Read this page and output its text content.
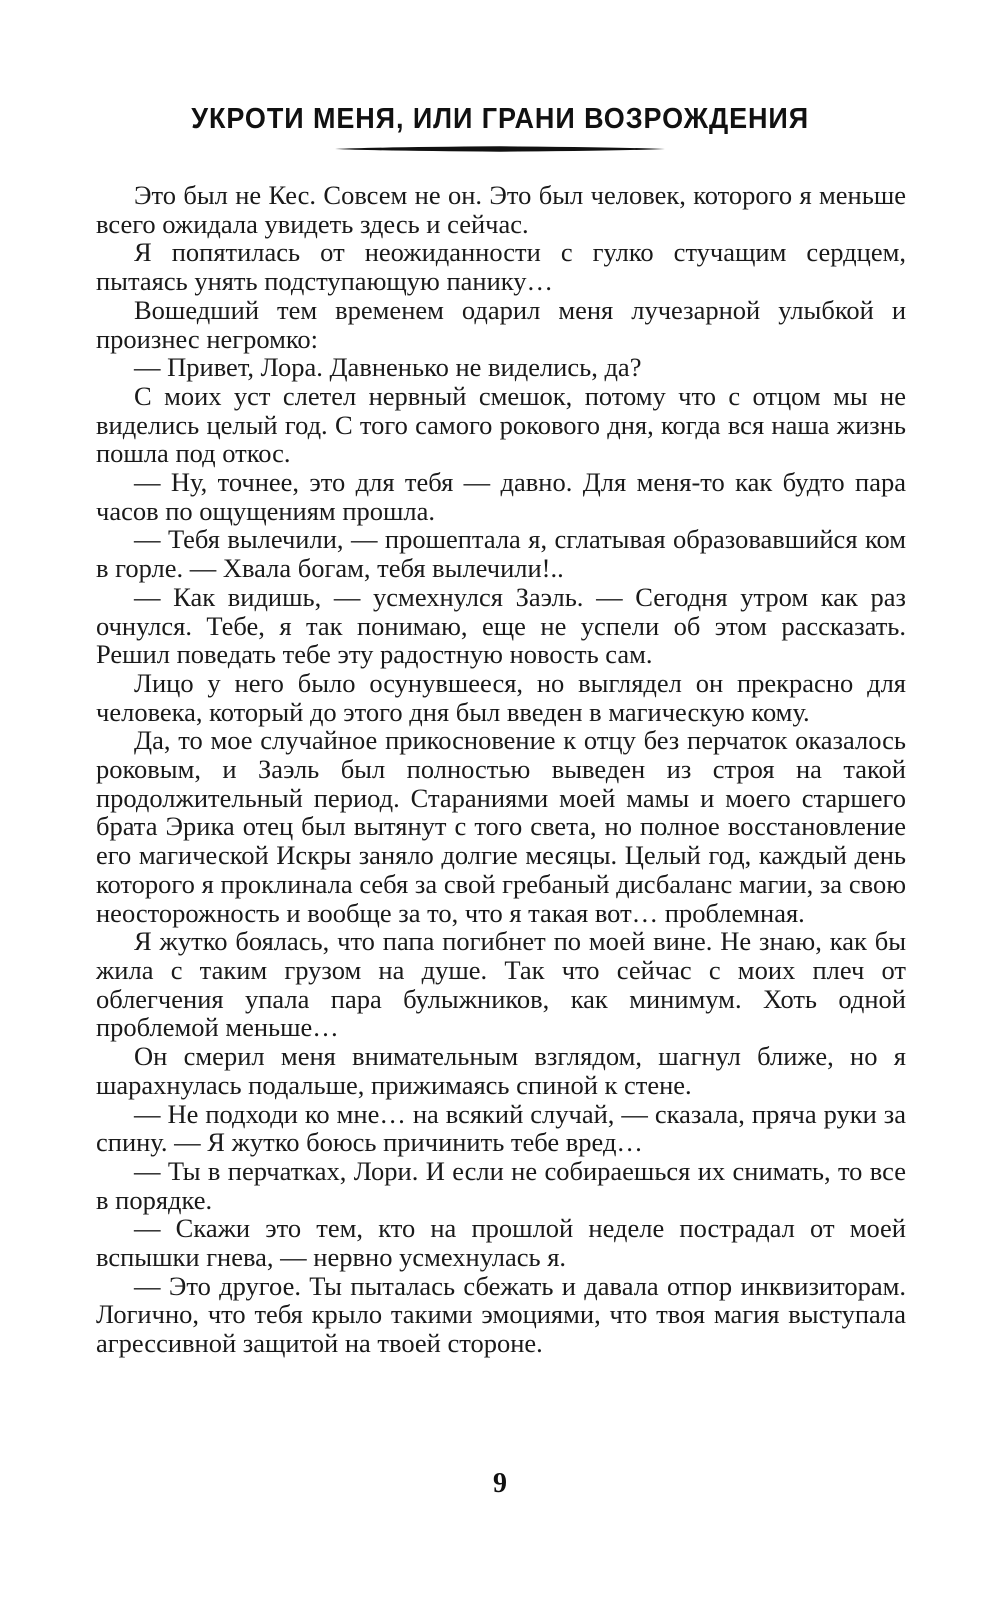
УКРОТИ МЕНЯ, ИЛИ ГРАНИ ВОЗРОЖДЕНИЯ

Это был не Кес. Совсем не он. Это был человек, которого я меньше всего ожидала увидеть здесь и сейчас.

Я попятилась от неожиданности с гулко стучащим сердцем, пытаясь унять подступающую панику…

Вошедший тем временем одарил меня лучезарной улыбкой и произнес негромко:

— Привет, Лора. Давненько не виделись, да?

С моих уст слетел нервный смешок, потому что с отцом мы не виделись целый год. С того самого рокового дня, когда вся наша жизнь пошла под откос.

— Ну, точнее, это для тебя — давно. Для меня-то как будто пара часов по ощущениям прошла.

— Тебя вылечили, — прошептала я, сглатывая образовавшийся ком в горле. — Хвала богам, тебя вылечили!..

— Как видишь, — усмехнулся Заэль. — Сегодня утром как раз очнулся. Тебе, я так понимаю, еще не успели об этом рассказать. Решил поведать тебе эту радостную новость сам.

Лицо у него было осунувшееся, но выглядел он прекрасно для человека, который до этого дня был введен в магическую кому.

Да, то мое случайное прикосновение к отцу без перчаток оказалось роковым, и Заэль был полностью выведен из строя на такой продолжительный период. Стараниями моей мамы и моего старшего брата Эрика отец был вытянут с того света, но полное восстановление его магической Искры заняло долгие месяцы. Целый год, каждый день которого я проклинала себя за свой гребаный дисбаланс магии, за свою неосторожность и вообще за то, что я такая вот… проблемная.

Я жутко боялась, что папа погибнет по моей вине. Не знаю, как бы жила с таким грузом на душе. Так что сейчас с моих плеч от облегчения упала пара булыжников, как минимум. Хоть одной проблемой меньше…

Он смерил меня внимательным взглядом, шагнул ближе, но я шарахнулась подальше, прижимаясь спиной к стене.

— Не подходи ко мне… на всякий случай, — сказала, пряча руки за спину. — Я жутко боюсь причинить тебе вред…

— Ты в перчатках, Лори. И если не собираешься их снимать, то все в порядке.

— Скажи это тем, кто на прошлой неделе пострадал от моей вспышки гнева, — нервно усмехнулась я.

— Это другое. Ты пыталась сбежать и давала отпор инквизиторам. Логично, что тебя крыло такими эмоциями, что твоя магия выступала агрессивной защитой на твоей стороне.

9
